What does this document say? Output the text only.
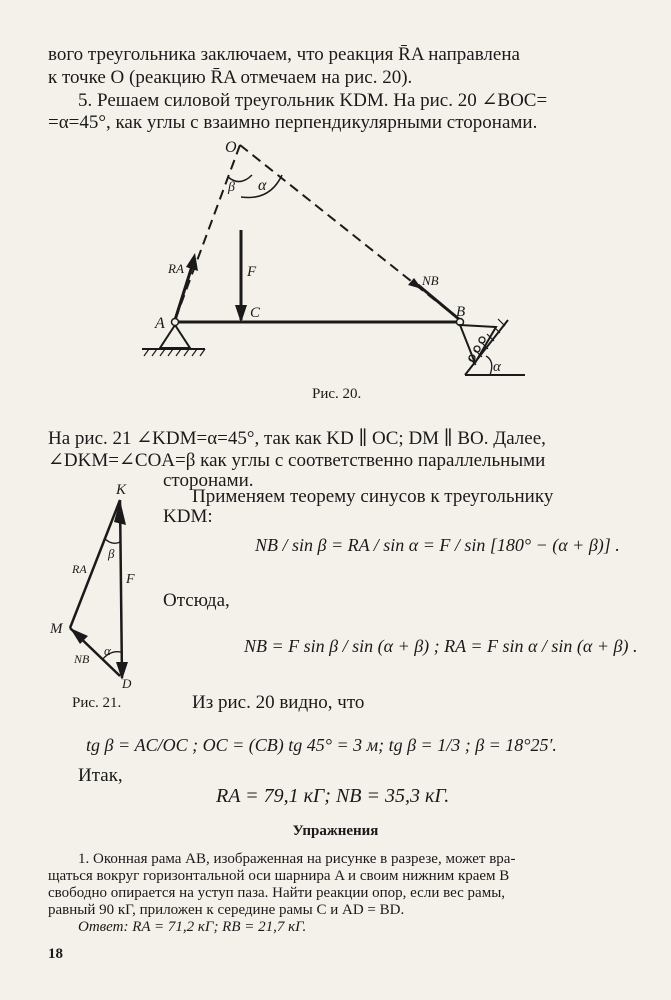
вого треугольника заключаем, что реакция R̄A направлена
к точке O (реакцию R̄A отмечаем на рис. 20).
5. Решаем силовой треугольник KDM. На рис. 20 ∠BOC=
=α=45°, как углы с взаимно перпендикулярными сторонами.
O
A
B
C
F
RA
NB
α
β
α
Рис. 20.
На рис. 21 ∠KDM=α=45°, так как KD ∥ OC; DM ∥ BO. Далее,
∠DKM=∠COA=β как углы с соответственно параллельными
сторонами.
Применяем теорему синусов к треугольнику
KDM:
K
M
D
F
RA
NB
β
α
NB / sin β = RA / sin α = F / sin [180° − (α + β)] .
Отсюда,
NB = F sin β / sin (α + β) ; RA = F sin α / sin (α + β) .
Рис. 21.	Из рис. 20 видно, что
tg β = AC/OC ; OC = (CB) tg 45° = 3 м; tg β = 1/3 ; β = 18°25′.
Итак,
RA = 79,1 кГ; NB = 35,3 кГ.
Упражнения
1. Оконная рама AB, изображенная на рисунке в разрезе, может вра-
щаться вокруг горизонтальной оси шарнира A и своим нижним краем B
свободно опирается на уступ паза. Найти реакции опор, если вес рамы,
равный 90 кГ, приложен к середине рамы C и AD = BD.
Ответ: RA = 71,2 кГ; RB = 21,7 кГ.
18
